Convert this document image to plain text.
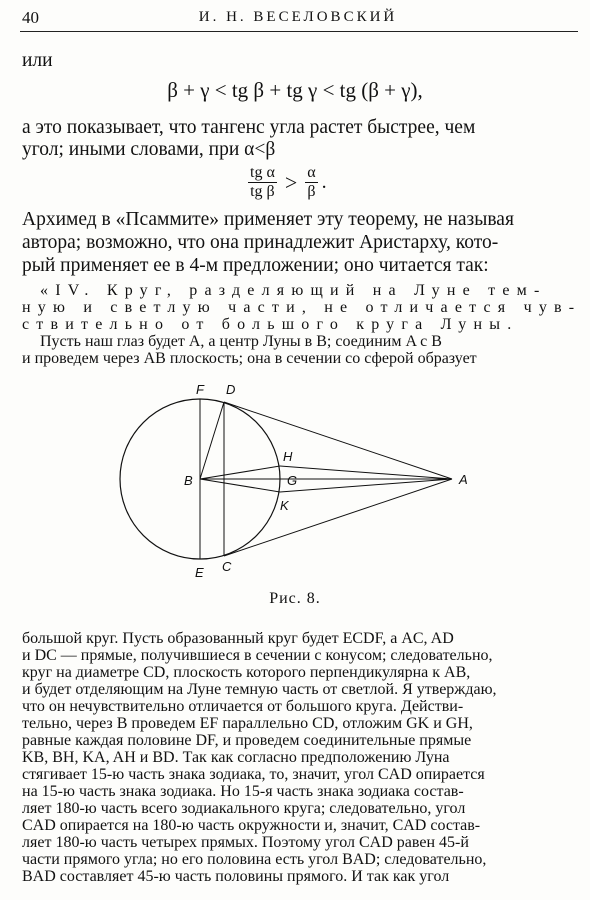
40	И. Н. ВЕСЕЛОВСКИЙ
или
β + γ < tg β + tg γ < tg (β + γ),
а это показывает, что тангенс угла растет быстрее, чем
угол; иными словами, при α<β
$\frac{\text{tg α}}{\text{tg β}} > \frac{\alpha}{\beta}$ .
Архимед в «Псаммите» применяет эту теорему, не называя
автора; возможно, что она принадлежит Аристарху, кото-
рый применяет ее в 4-м предложении; оно читается так:
«IV. Круг, разделяющий на Луне тем-
ную и светлую части, не отличается чув-
ствительно от большого круга Луны.
Пусть наш глаз будет A, а центр Луны в B; соединим A с B
и проведем через AB плоскость; она в сечении со сферой образует
F D
H
B	G	A
K
E C
Рис. 8.
большой круг. Пусть образованный круг будет ECDF, а AC, AD
и DC — прямые, получившиеся в сечении с конусом; следовательно,
круг на диаметре CD, плоскость которого перпендикулярна к AB,
и будет отделяющим на Луне темную часть от светлой. Я утверждаю,
что он нечувствительно отличается от большого круга. Действи-
тельно, через B проведем EF параллельно CD, отложим GK и GH,
равные каждая половине DF, и проведем соединительные прямые
KB, BH, KA, AH и BD. Так как согласно предположению Луна
стягивает 15-ю часть знака зодиака, то, значит, угол CAD опирается
на 15-ю часть знака зодиака. Но 15-я часть знака зодиака состав-
ляет 180-ю часть всего зодиакального круга; следовательно, угол
CAD опирается на 180-ю часть окружности и, значит, CAD состав-
ляет 180-ю часть четырех прямых. Поэтому угол CAD равен 45-й
части прямого угла; но его половина есть угол BAD; следовательно,
BAD составляет 45-ю часть половины прямого. И так как угол
